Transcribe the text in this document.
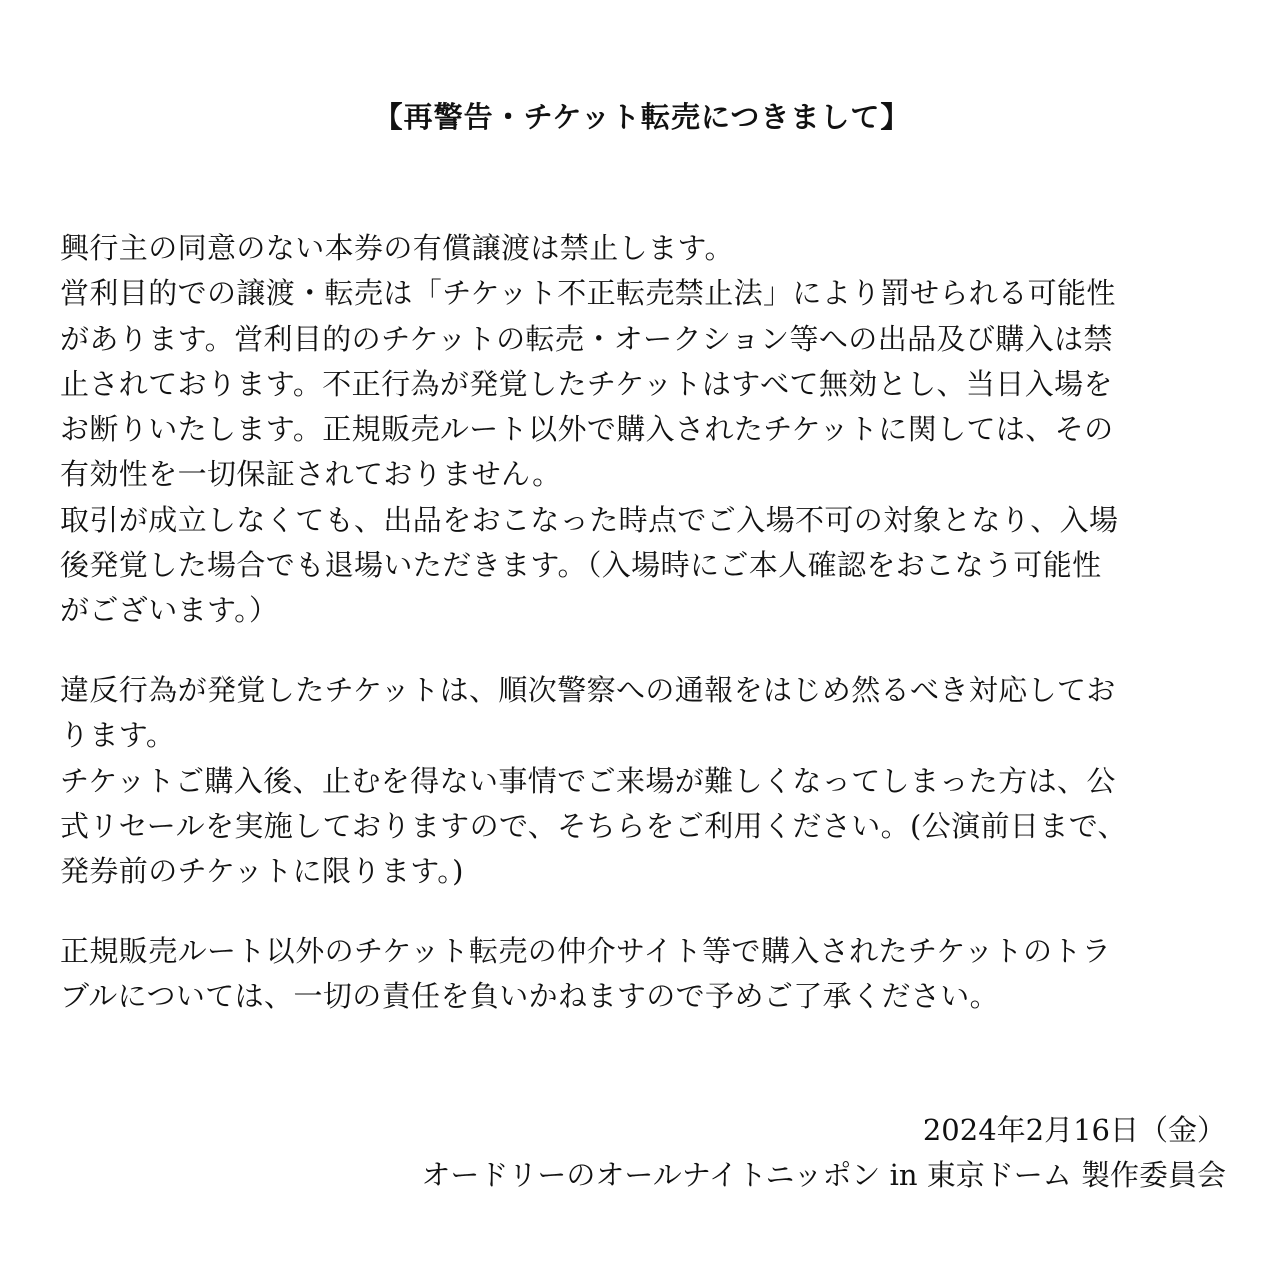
【再警告・チケット転売につきまして】
興行主の同意のない本券の有償譲渡は禁止します。
営利目的での譲渡・転売は「チケット不正転売禁止法」により罰せられる可能性
があります。営利目的のチケットの転売・オークション等への出品及び購入は禁
止されております。不正行為が発覚したチケットはすべて無効とし、当日入場を
お断りいたします。正規販売ルート以外で購入されたチケットに関しては、その
有効性を一切保証されておりません。
取引が成立しなくても、出品をおこなった時点でご入場不可の対象となり、入場
後発覚した場合でも退場いただきます。（入場時にご本人確認をおこなう可能性
がございます。）
違反行為が発覚したチケットは、順次警察への通報をはじめ然るべき対応してお
ります。
チケットご購入後、止むを得ない事情でご来場が難しくなってしまった方は、公
式リセールを実施しておりますので、そちらをご利用ください。(公演前日まで、
発券前のチケットに限ります。)
正規販売ルート以外のチケット転売の仲介サイト等で購入されたチケットのトラ
ブルについては、一切の責任を負いかねますので予めご了承ください。
2024年2月16日（金）
オードリーのオールナイトニッポン in 東京ドーム 製作委員会
